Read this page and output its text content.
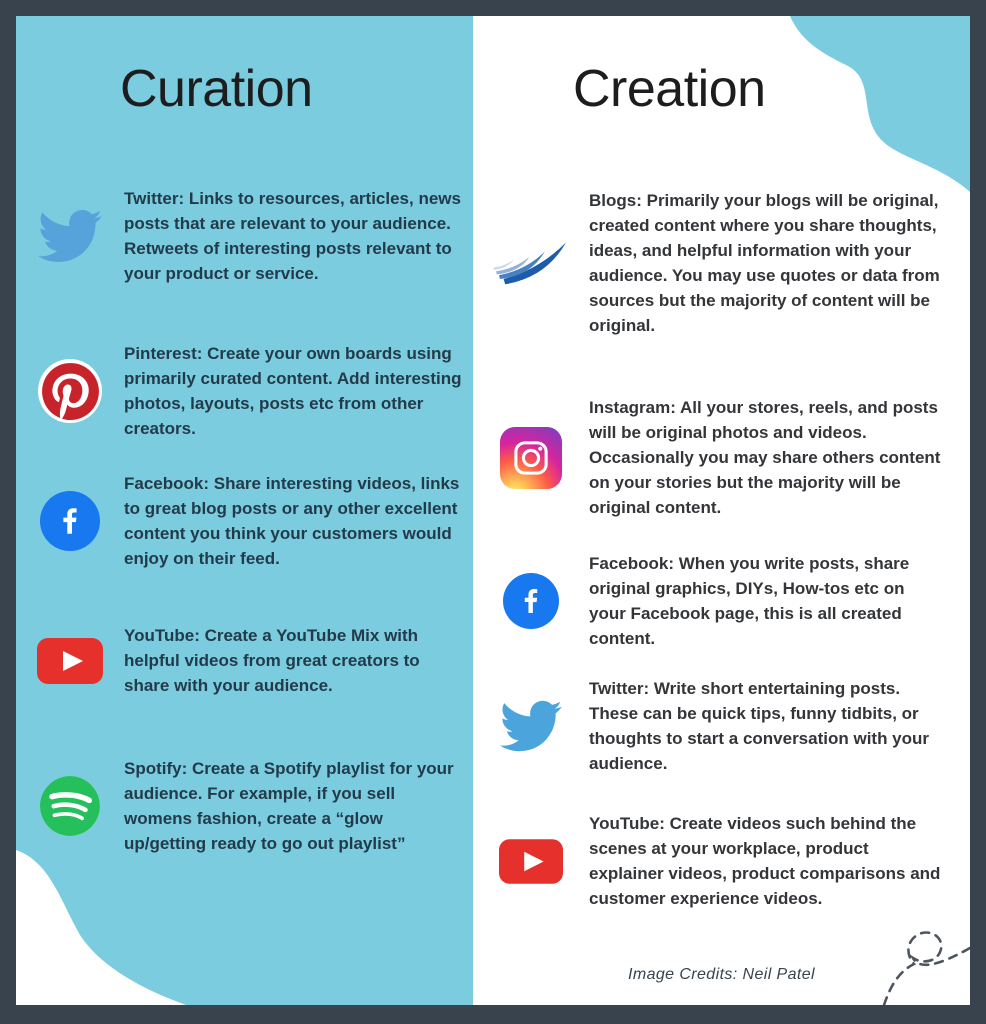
Curation	Creation
Twitter: Links to resources, articles, news posts that are relevant to your audience. Retweets of interesting posts relevant to your product or service.
Pinterest: Create your own boards using primarily curated content. Add interesting photos, layouts, posts etc from other creators.
Facebook: Share interesting videos, links to great blog posts or any other excellent content you think your customers would enjoy on their feed.
YouTube: Create a YouTube Mix with helpful videos from great creators to share with your audience.
Spotify: Create a Spotify playlist for your audience. For example, if you sell womens fashion, create a “glow up/getting ready to go out playlist”
Blogs: Primarily your blogs will be original, created content where you share thoughts, ideas, and helpful information with your audience. You may use quotes or data from sources but the majority of content will be original.
Instagram: All your stores, reels, and posts will be original photos and videos. Occasionally you may share others content on your stories but the majority will be original content.
Facebook: When you write posts, share original graphics, DIYs, How-tos etc on your Facebook page, this is all created content.
Twitter: Write short entertaining posts. These can be quick tips, funny tidbits, or thoughts to start a conversation with your audience.
YouTube: Create videos such behind the scenes at your workplace, product explainer videos, product comparisons and customer experience videos.
Image Credits: Neil Patel
